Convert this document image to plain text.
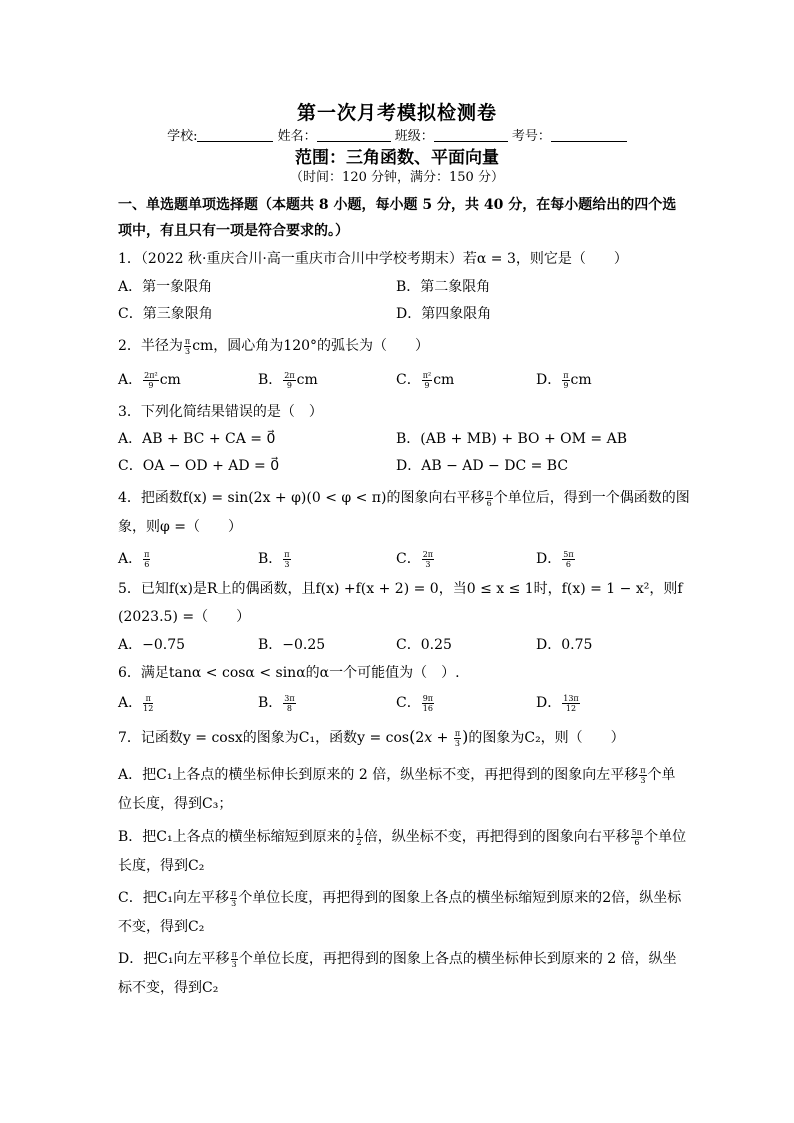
第一次月考模拟检测卷
学校:	姓名：	班级：	考号：
范围：三角函数、平面向量
（时间：120 分钟，满分：150 分）
一、单选题单项选择题（本题共 8 小题，每小题 5 分，共 40 分，在每小题给出的四个选
项中，有且只有一项是符合要求的。）
1．（2022 秋·重庆合川·高一重庆市合川中学校考期末）若α = 3，则它是（　　）
A．第一象限角	B．第二象限角
C．第三象限角	D．第四象限角
2．半径为 $\frac{\pi}{3}$ cm，圆心角为120°的弧长为（　　）
A． $\frac{\text{2π²}}{9}$ cm	B． $\frac{2\pi}{9}$ cm	C． $\frac{\text{π²}}{9}$ cm	D． $\frac{\pi}{9}$ cm
3．下列化简结果错误的是（　）
A．AB + BC + CA = 0⃗	B．(AB + MB) + BO + OM = AB
C．OA − OD + AD = 0⃗	D．AB − AD − DC = BC
4．把函数f(x) = sin(2x + φ)(0 < φ < π)的图象向右平移 $\frac{\pi}{6}$ 个单位后，得到一个偶函数的图
象，则φ =（　　）
A． $\frac{\pi}{6}$	B． $\frac{\pi}{3}$	C． $\frac{2\pi}{3}$	D． $\frac{5\pi}{6}$
5．已知f(x)是R上的偶函数，且f(x) +f(x + 2) = 0，当0 ≤ x ≤ 1时，f(x) = 1 − x²，则f
(2023.5) =（　　）
A．−0.75	B．−0.25	C．0.25	D．0.75
6．满足tanα < cosα < sinα的α一个可能值为（　）.
A． $\frac{\pi}{12}$	B． $\frac{3\pi}{8}$	C． $\frac{9\pi}{16}$	D． $\frac{13\pi}{12}$
7．记函数y = cosx的图象为C₁，函数$y = \cos(2x + \frac{\pi}{3}$ )的图象为C₂，则（　　）
A．把C₁上各点的横坐标伸长到原来的 2 倍，纵坐标不变，再把得到的图象向左平移 $\frac{\pi}{3}$ 个单
位长度，得到C₃；
B．把C₁上各点的横坐标缩短到原来的 $\frac{1}{2}$ 倍，纵坐标不变，再把得到的图象向右平移 $\frac{5\pi}{6}$ 个单位
长度，得到C₂
C．把C₁向左平移 $\frac{\pi}{3}$ 个单位长度，再把得到的图象上各点的横坐标缩短到原来的2倍，纵坐标
不变，得到C₂
D．把C₁向左平移 $\frac{\pi}{3}$ 个单位长度，再把得到的图象上各点的横坐标伸长到原来的 2 倍，纵坐
标不变，得到C₂
